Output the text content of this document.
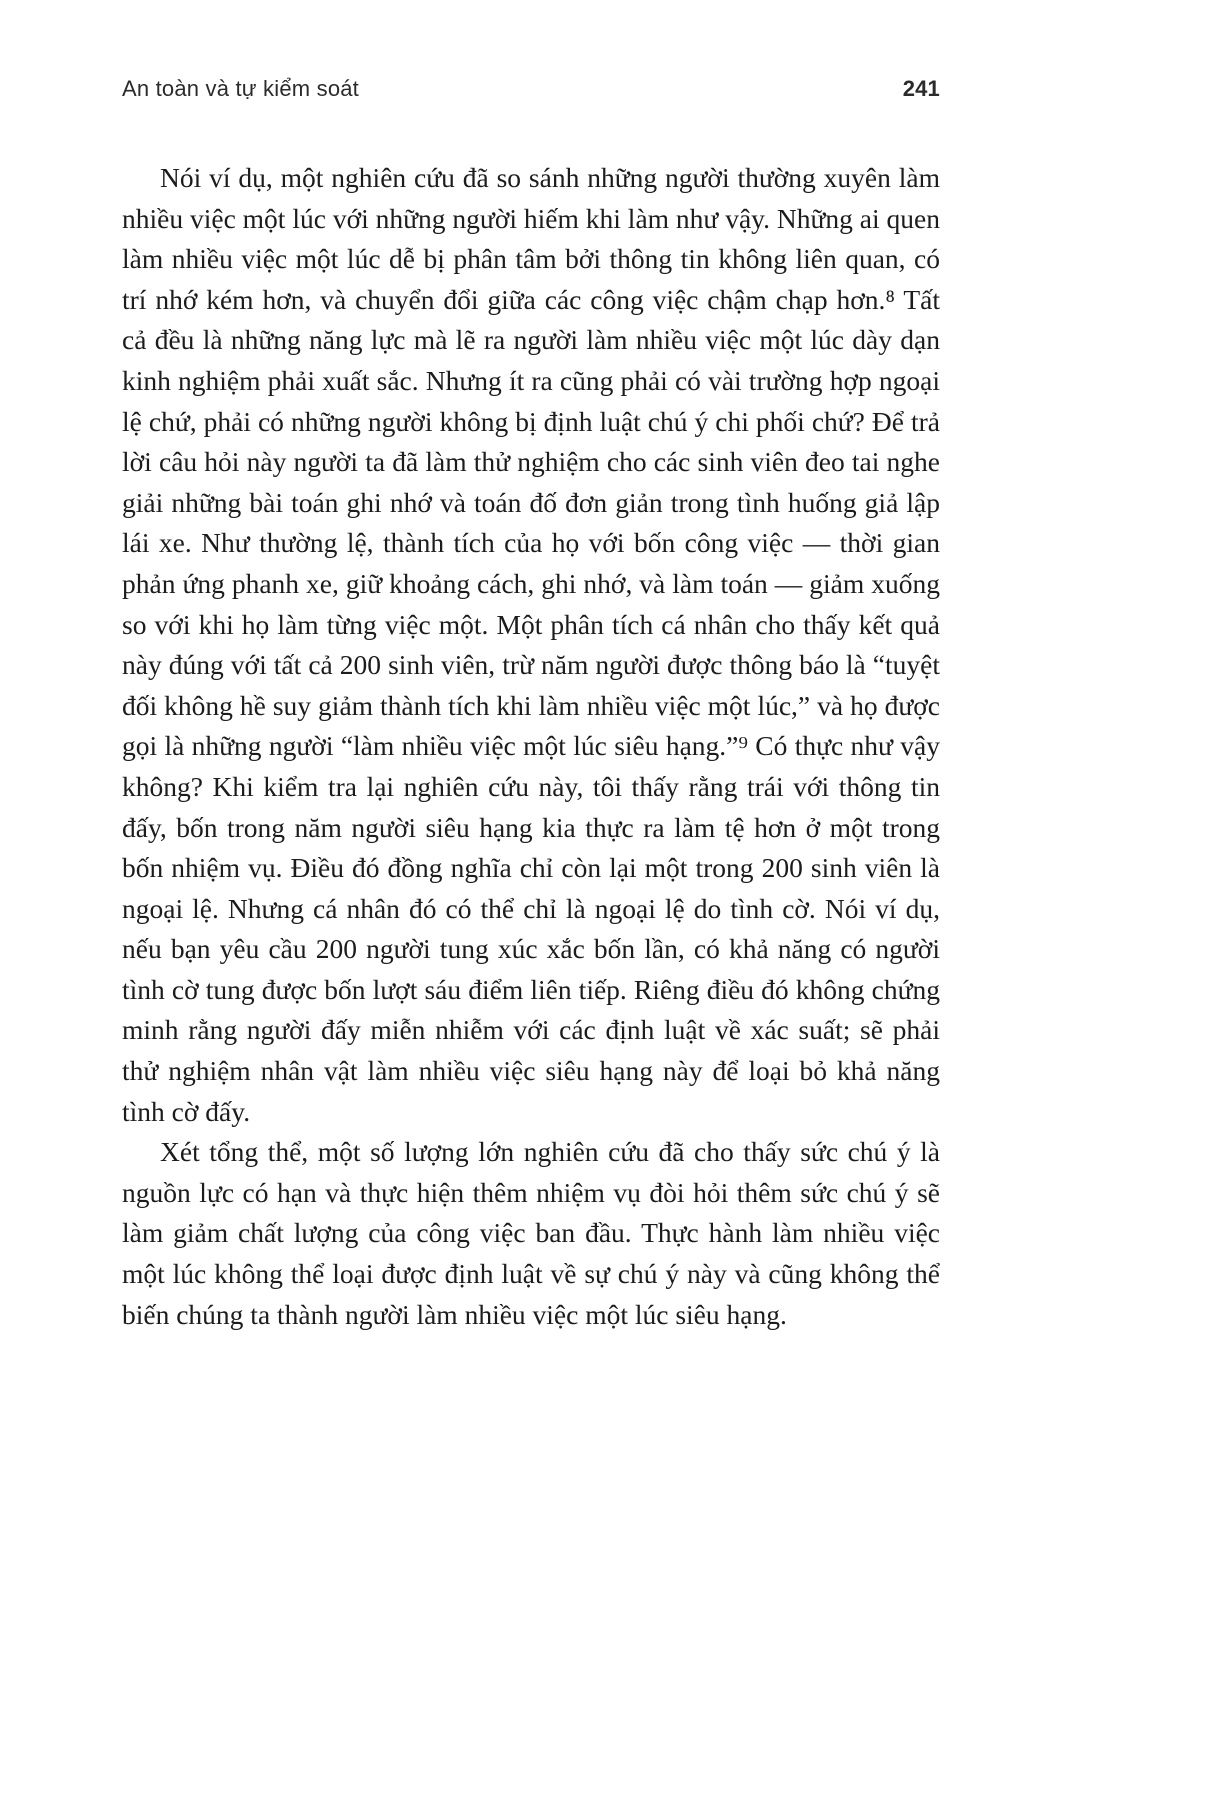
An toàn và tự kiểm soát	241

Nói ví dụ, một nghiên cứu đã so sánh những người thường xuyên làm nhiều việc một lúc với những người hiếm khi làm như vậy. Những ai quen làm nhiều việc một lúc dễ bị phân tâm bởi thông tin không liên quan, có trí nhớ kém hơn, và chuyển đổi giữa các công việc chậm chạp hơn.⁸ Tất cả đều là những năng lực mà lẽ ra người làm nhiều việc một lúc dày dạn kinh nghiệm phải xuất sắc. Nhưng ít ra cũng phải có vài trường hợp ngoại lệ chứ, phải có những người không bị định luật chú ý chi phối chứ? Để trả lời câu hỏi này người ta đã làm thử nghiệm cho các sinh viên đeo tai nghe giải những bài toán ghi nhớ và toán đố đơn giản trong tình huống giả lập lái xe. Như thường lệ, thành tích của họ với bốn công việc — thời gian phản ứng phanh xe, giữ khoảng cách, ghi nhớ, và làm toán — giảm xuống so với khi họ làm từng việc một. Một phân tích cá nhân cho thấy kết quả này đúng với tất cả 200 sinh viên, trừ năm người được thông báo là “tuyệt đối không hề suy giảm thành tích khi làm nhiều việc một lúc,” và họ được gọi là những người “làm nhiều việc một lúc siêu hạng.”⁹ Có thực như vậy không? Khi kiểm tra lại nghiên cứu này, tôi thấy rằng trái với thông tin đấy, bốn trong năm người siêu hạng kia thực ra làm tệ hơn ở một trong bốn nhiệm vụ. Điều đó đồng nghĩa chỉ còn lại một trong 200 sinh viên là ngoại lệ. Nhưng cá nhân đó có thể chỉ là ngoại lệ do tình cờ. Nói ví dụ, nếu bạn yêu cầu 200 người tung xúc xắc bốn lần, có khả năng có người tình cờ tung được bốn lượt sáu điểm liên tiếp. Riêng điều đó không chứng minh rằng người đấy miễn nhiễm với các định luật về xác suất; sẽ phải thử nghiệm nhân vật làm nhiều việc siêu hạng này để loại bỏ khả năng tình cờ đấy.

Xét tổng thể, một số lượng lớn nghiên cứu đã cho thấy sức chú ý là nguồn lực có hạn và thực hiện thêm nhiệm vụ đòi hỏi thêm sức chú ý sẽ làm giảm chất lượng của công việc ban đầu. Thực hành làm nhiều việc một lúc không thể loại được định luật về sự chú ý này và cũng không thể biến chúng ta thành người làm nhiều việc một lúc siêu hạng.
